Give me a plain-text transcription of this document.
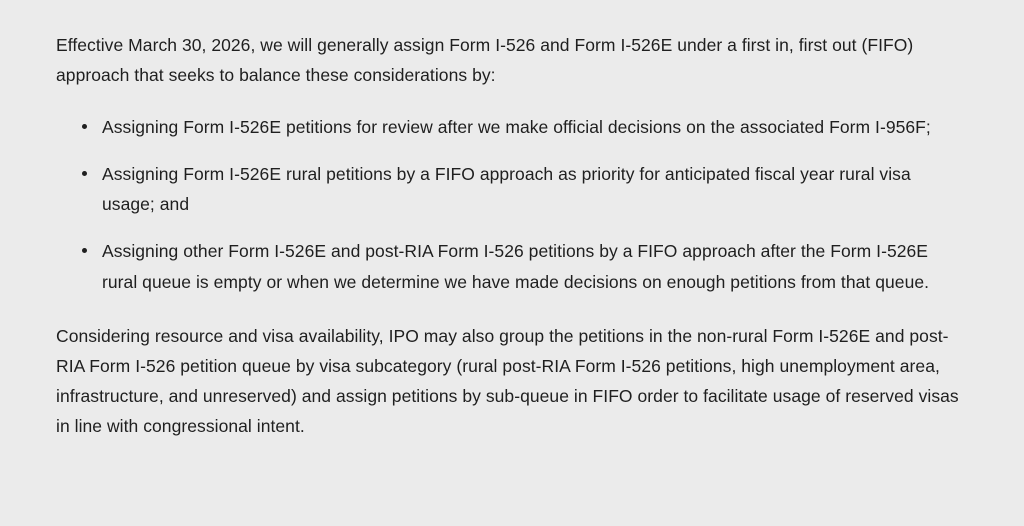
Effective March 30, 2026, we will generally assign Form I-526 and Form I-526E under a first in, first out (FIFO) approach that seeks to balance these considerations by:

Assigning Form I-526E petitions for review after we make official decisions on the associated Form I-956F;
Assigning Form I-526E rural petitions by a FIFO approach as priority for anticipated fiscal year rural visa usage; and
Assigning other Form I-526E and post-RIA Form I-526 petitions by a FIFO approach after the Form I-526E rural queue is empty or when we determine we have made decisions on enough petitions from that queue.

Considering resource and visa availability, IPO may also group the petitions in the non-rural Form I-526E and post-RIA Form I-526 petition queue by visa subcategory (rural post-RIA Form I-526 petitions, high unemployment area, infrastructure, and unreserved) and assign petitions by sub-queue in FIFO order to facilitate usage of reserved visas in line with congressional intent.
